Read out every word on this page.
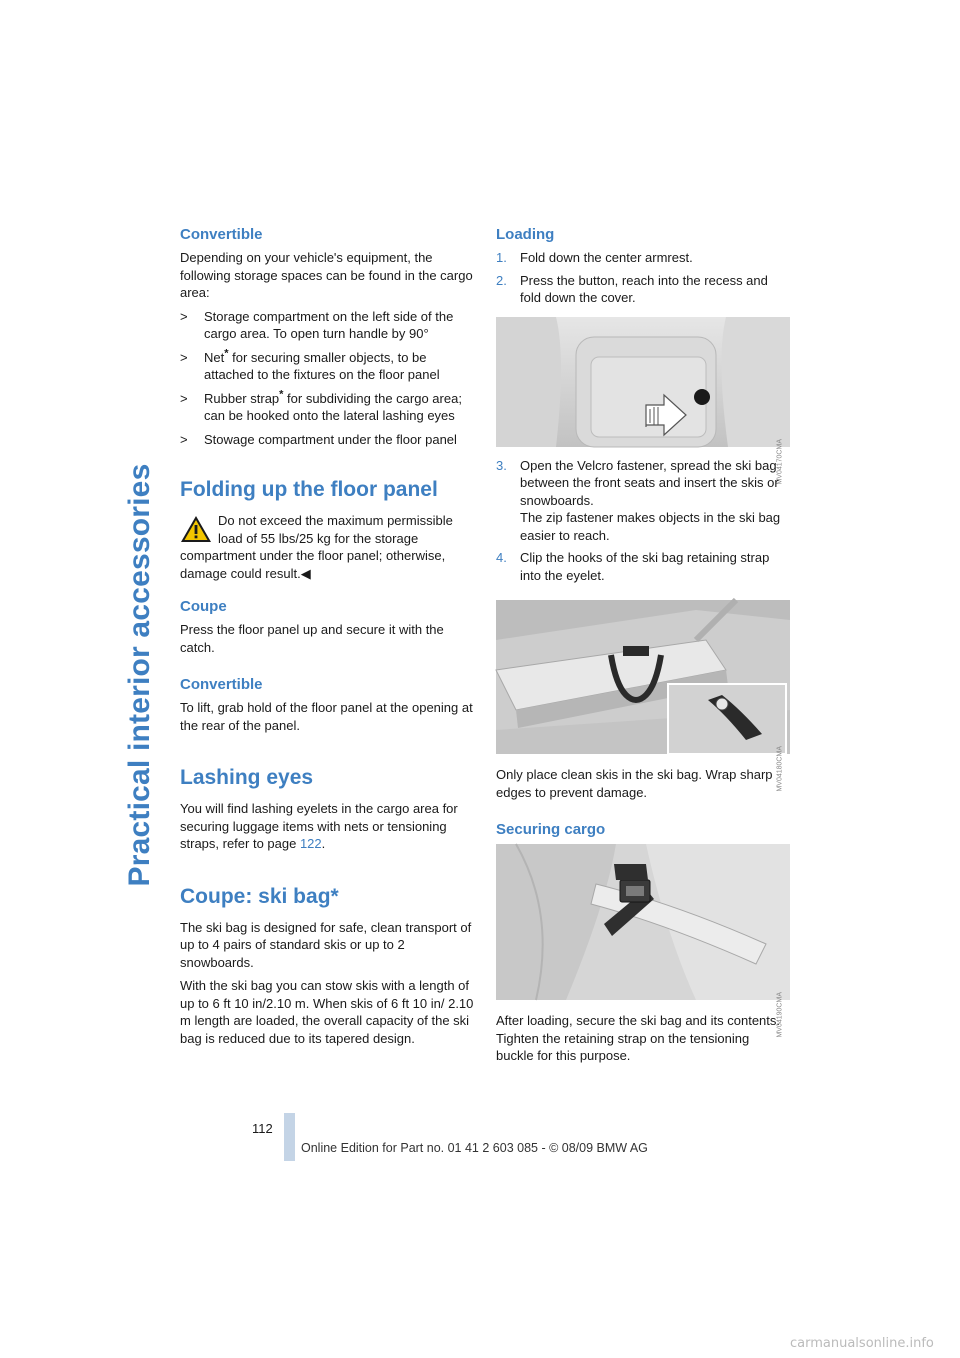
Practical interior accessories
Convertible

Depending on your vehicle's equipment, the following storage spaces can be found in the cargo area:

> Storage compartment on the left side of the cargo area. To open turn handle by 90°
> Net* for securing smaller objects, to be attached to the fixtures on the floor panel
> Rubber strap* for subdividing the cargo area; can be hooked onto the lateral lashing eyes
> Stowage compartment under the floor panel
Folding up the floor panel
Do not exceed the maximum permissible load of 55 lbs/25 kg for the storage compartment under the floor panel; otherwise, damage could result.◀
Coupe

Press the floor panel up and secure it with the catch.

Convertible

To lift, grab hold of the floor panel at the opening at the rear of the panel.

Lashing eyes

You will find lashing eyelets in the cargo area for securing luggage items with nets or tensioning straps, refer to page 122.

Coupe: ski bag*

The ski bag is designed for safe, clean transport of up to 4 pairs of standard skis or up to 2 snowboards.

With the ski bag you can stow skis with a length of up to 6 ft 10 in/2.10 m. When skis of 6 ft 10 in/ 2.10 m length are loaded, the overall capacity of the ski bag is reduced due to its tapered design.

Loading
1. Fold down the center armrest.
2. Press the button, reach into the recess and fold down the cover.
MV04170CMA
3. Open the Velcro fastener, spread the ski bag between the front seats and insert the skis or snowboards.
The zip fastener makes objects in the ski bag easier to reach.
4. Clip the hooks of the ski bag retaining strap into the eyelet.
MV04180CMA

Only place clean skis in the ski bag. Wrap sharp edges to prevent damage.

Securing cargo
MV04190CMA

After loading, secure the ski bag and its contents. Tighten the retaining strap on the tensioning buckle for this purpose.

112
Online Edition for Part no. 01 41 2 603 085 - © 08/09 BMW AG
carmanualsonline.info
